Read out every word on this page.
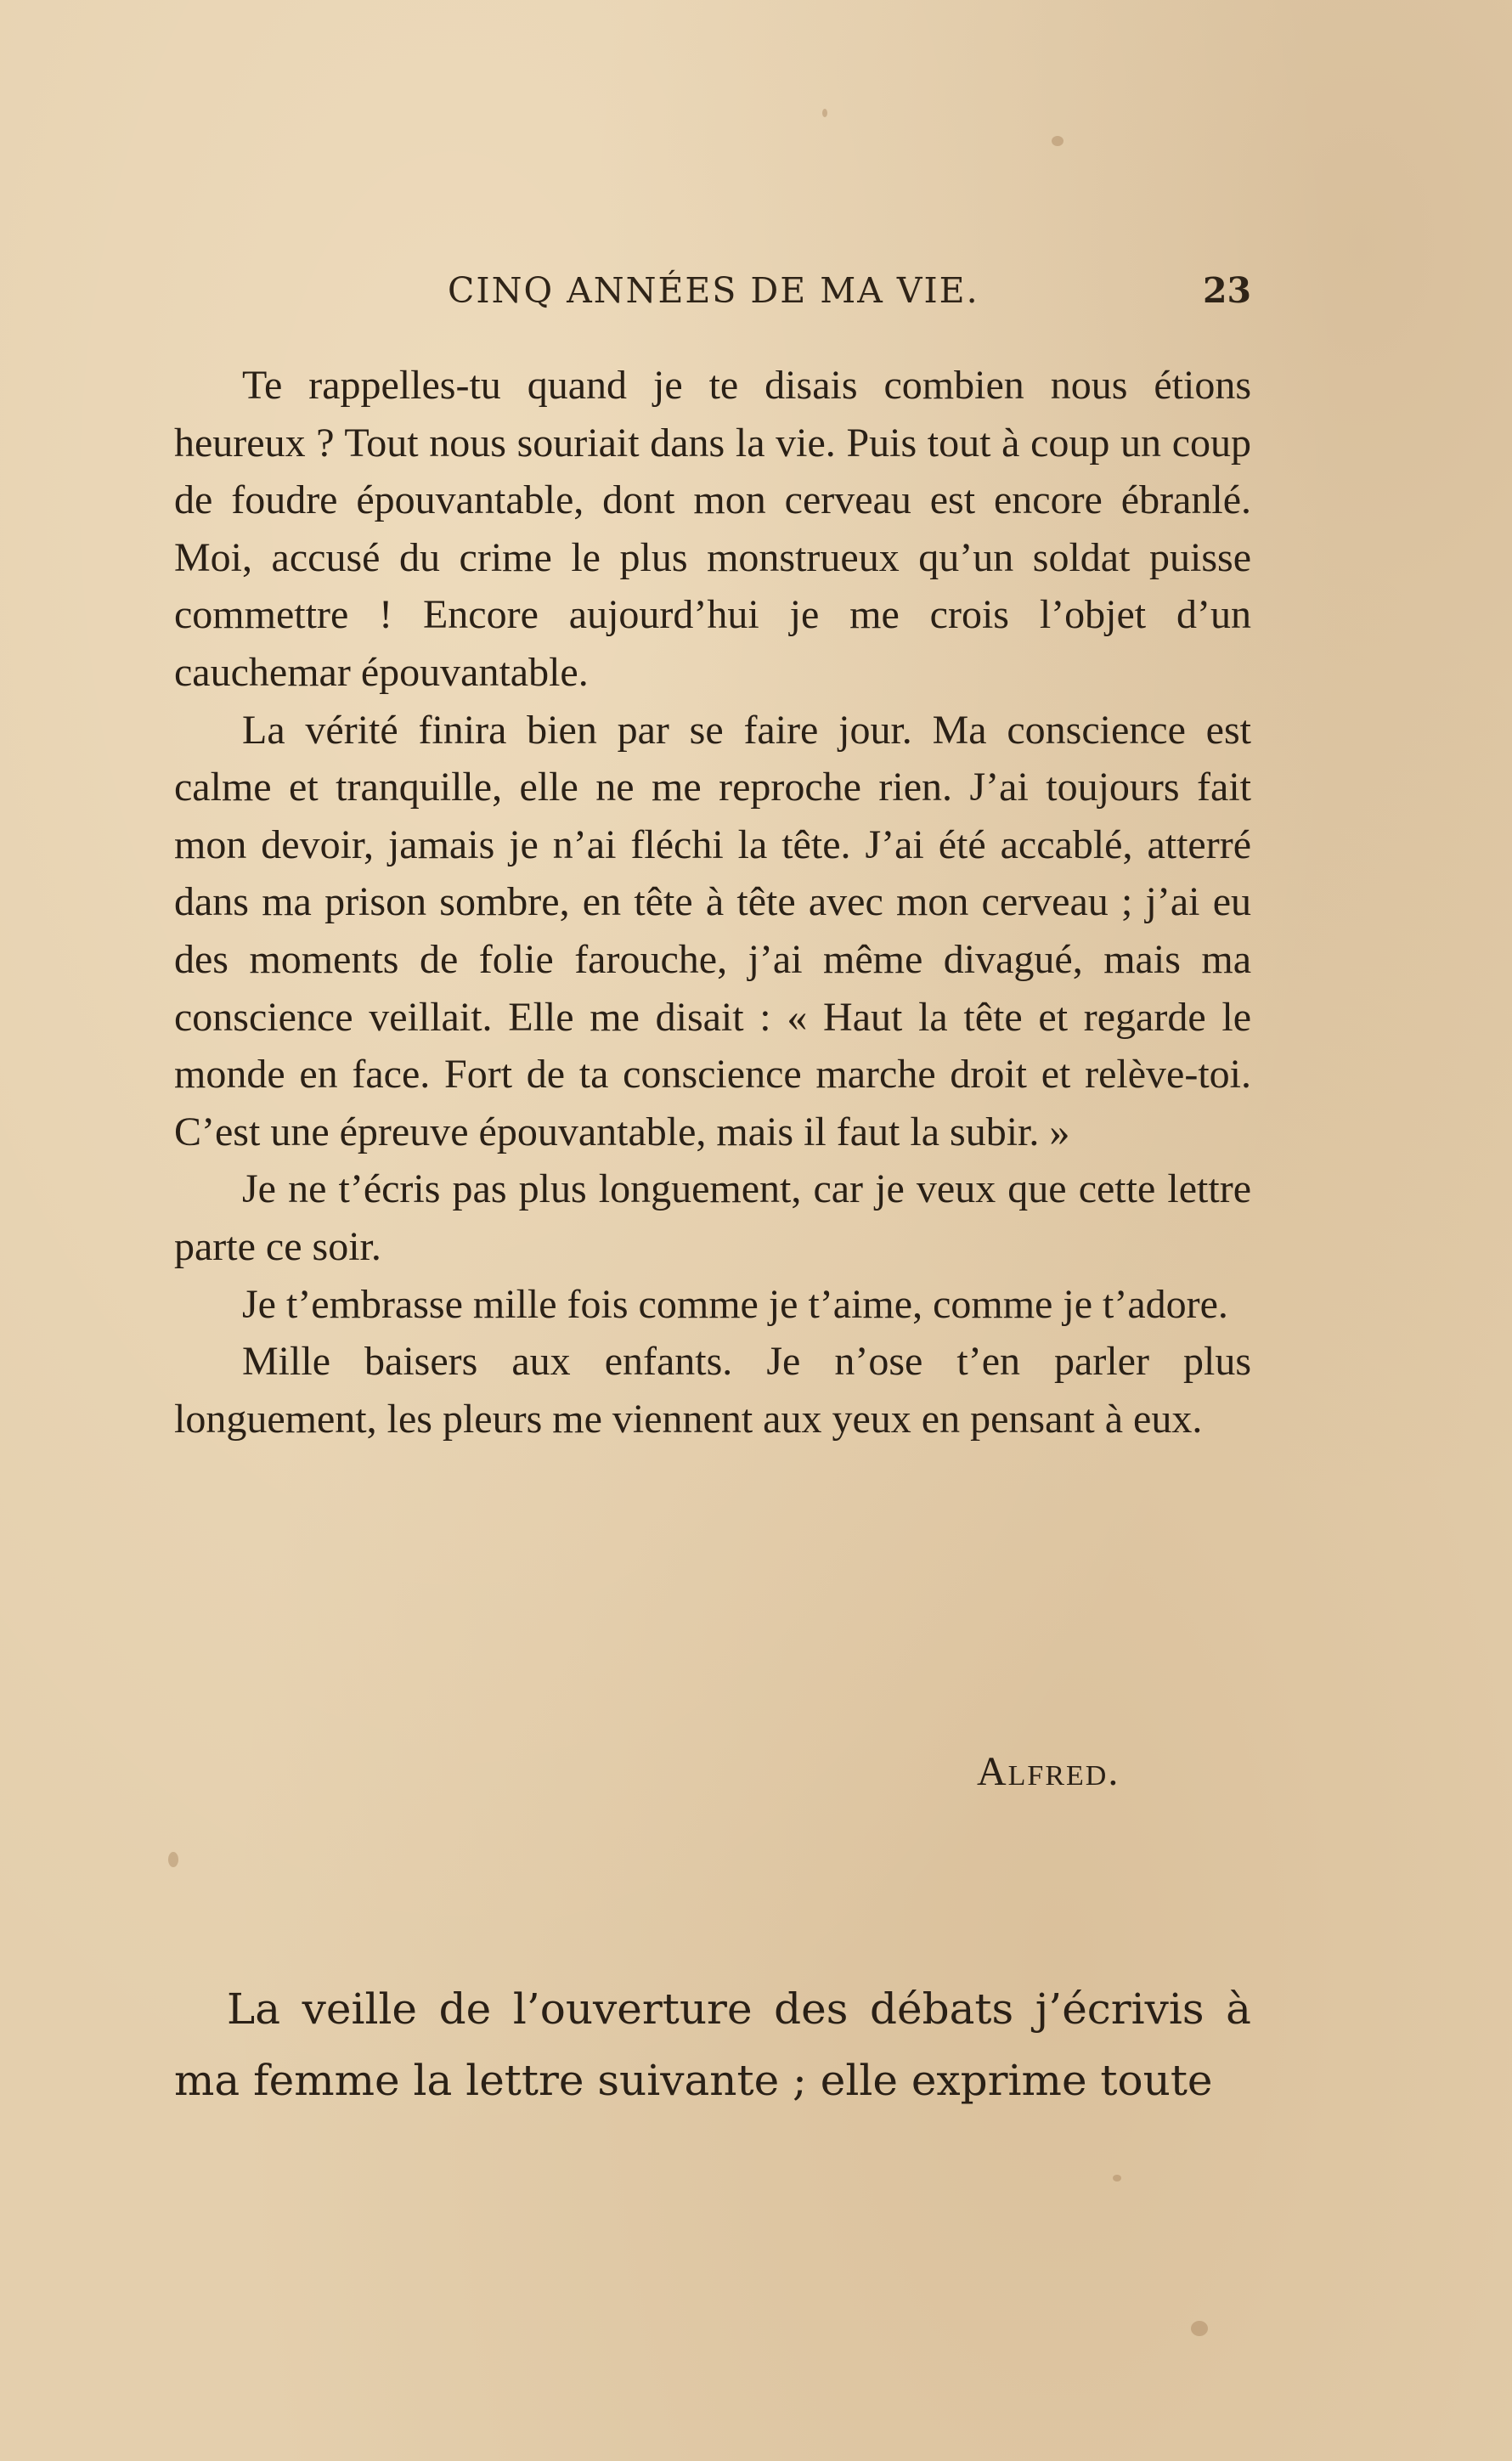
CINQ ANNÉES DE MA VIE.	23

Te rappelles-tu quand je te disais combien nous étions heureux ? Tout nous souriait dans la vie. Puis tout à coup un coup de foudre épouvantable, dont mon cerveau est encore ébranlé. Moi, accusé du crime le plus monstrueux qu’un soldat puisse commettre ! Encore aujourd’hui je me crois l’objet d’un cauchemar épouvantable.

La vérité finira bien par se faire jour. Ma conscience est calme et tranquille, elle ne me reproche rien. J’ai toujours fait mon devoir, jamais je n’ai fléchi la tête. J’ai été accablé, atterré dans ma prison sombre, en tête à tête avec mon cerveau ; j’ai eu des moments de folie farouche, j’ai même divagué, mais ma conscience veillait. Elle me disait : « Haut la tête et regarde le monde en face. Fort de ta conscience marche droit et relève-toi. C’est une épreuve épouvantable, mais il faut la subir. »

Je ne t’écris pas plus longuement, car je veux que cette lettre parte ce soir.

Je t’embrasse mille fois comme je t’aime, comme je t’adore.

Mille baisers aux enfants. Je n’ose t’en parler plus longuement, les pleurs me viennent aux yeux en pensant à eux.

Alfred.

La veille de l’ouverture des débats j’écrivis à ma femme la lettre suivante ; elle exprime toute
